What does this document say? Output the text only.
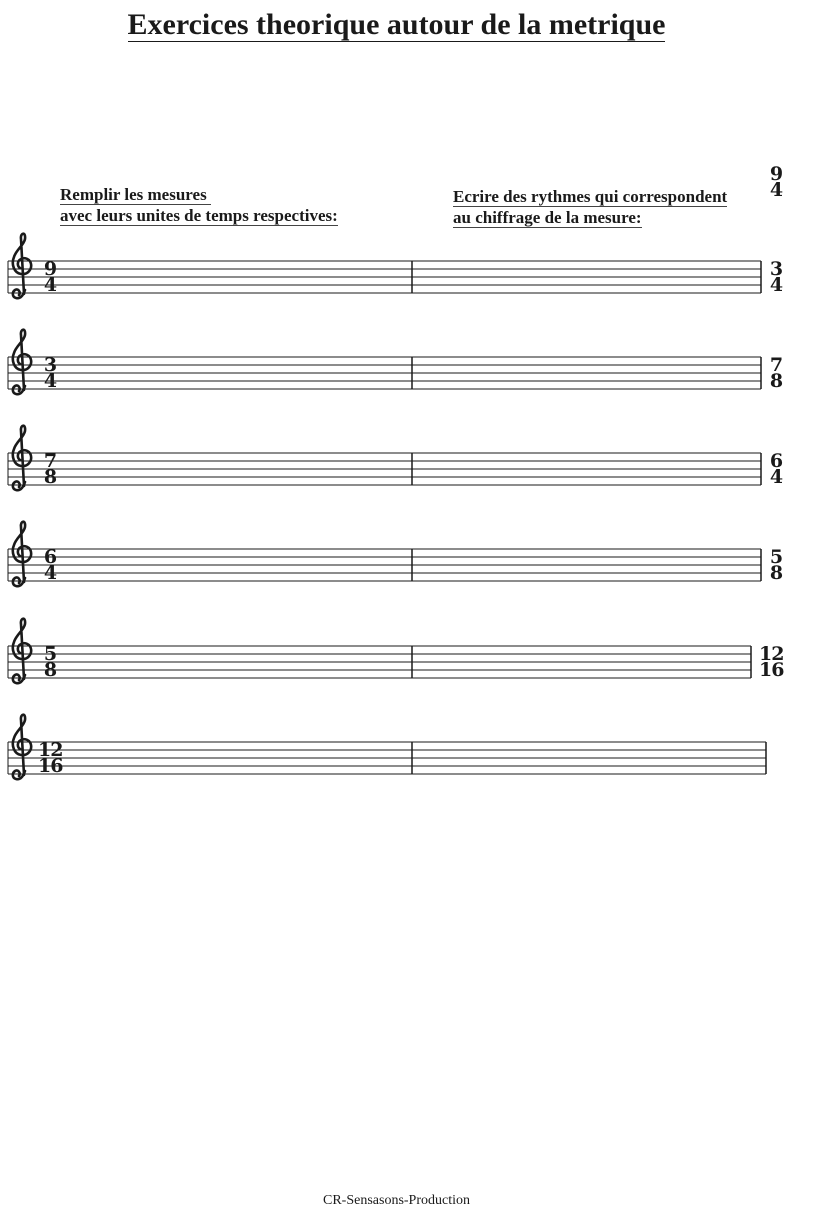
Exercices theorique autour de la metrique
9
4
Remplir les mesures
avec leurs unites de temps respectives:
Ecrire des rythmes qui correspondent
au chiffrage de la mesure:
9
4
3
4
3
4
7
8
7
8
6
4
6
4
5
8
5
8
12
16
12
16
CR-Sensasons-Production
